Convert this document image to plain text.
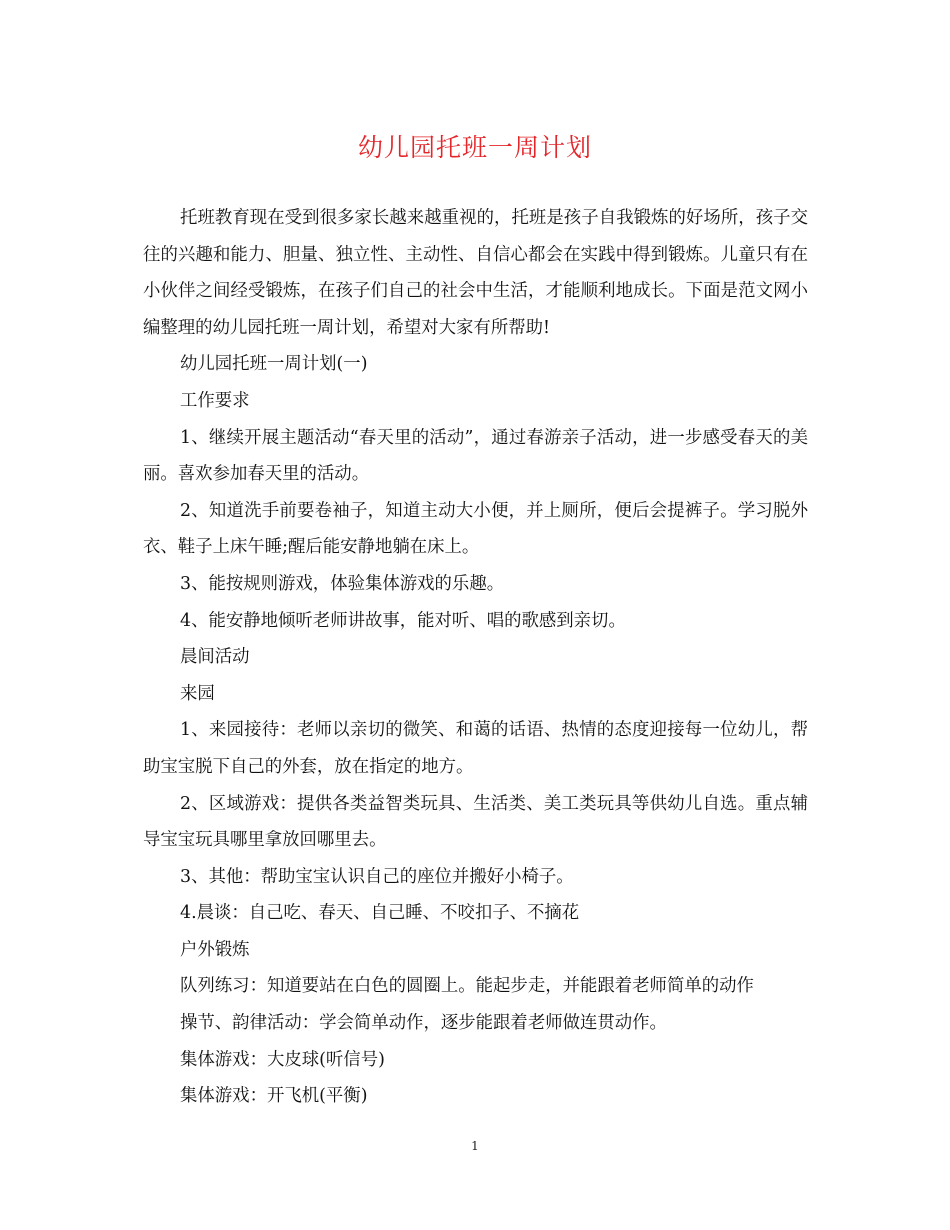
幼儿园托班一周计划

托班教育现在受到很多家长越来越重视的，托班是孩子自我锻炼的好场所，孩子交往的兴趣和能力、胆量、独立性、主动性、自信心都会在实践中得到锻炼。儿童只有在小伙伴之间经受锻炼，在孩子们自己的社会中生活，才能顺利地成长。下面是范文网小编整理的幼儿园托班一周计划，希望对大家有所帮助!

幼儿园托班一周计划(一)

工作要求

1、继续开展主题活动“春天里的活动”，通过春游亲子活动，进一步感受春天的美丽。喜欢参加春天里的活动。

2、知道洗手前要卷袖子，知道主动大小便，并上厕所，便后会提裤子。学习脱外衣、鞋子上床午睡;醒后能安静地躺在床上。

3、能按规则游戏，体验集体游戏的乐趣。

4、能安静地倾听老师讲故事，能对听、唱的歌感到亲切。

晨间活动

来园

1、来园接待：老师以亲切的微笑、和蔼的话语、热情的态度迎接每一位幼儿，帮助宝宝脱下自己的外套，放在指定的地方。

2、区域游戏：提供各类益智类玩具、生活类、美工类玩具等供幼儿自选。重点辅导宝宝玩具哪里拿放回哪里去。

3、其他：帮助宝宝认识自己的座位并搬好小椅子。

4.晨谈：自己吃、春天、自己睡、不咬扣子、不摘花

户外锻炼

队列练习：知道要站在白色的圆圈上。能起步走，并能跟着老师简单的动作

操节、韵律活动：学会简单动作，逐步能跟着老师做连贯动作。

集体游戏：大皮球(听信号)

集体游戏：开飞机(平衡)

1
